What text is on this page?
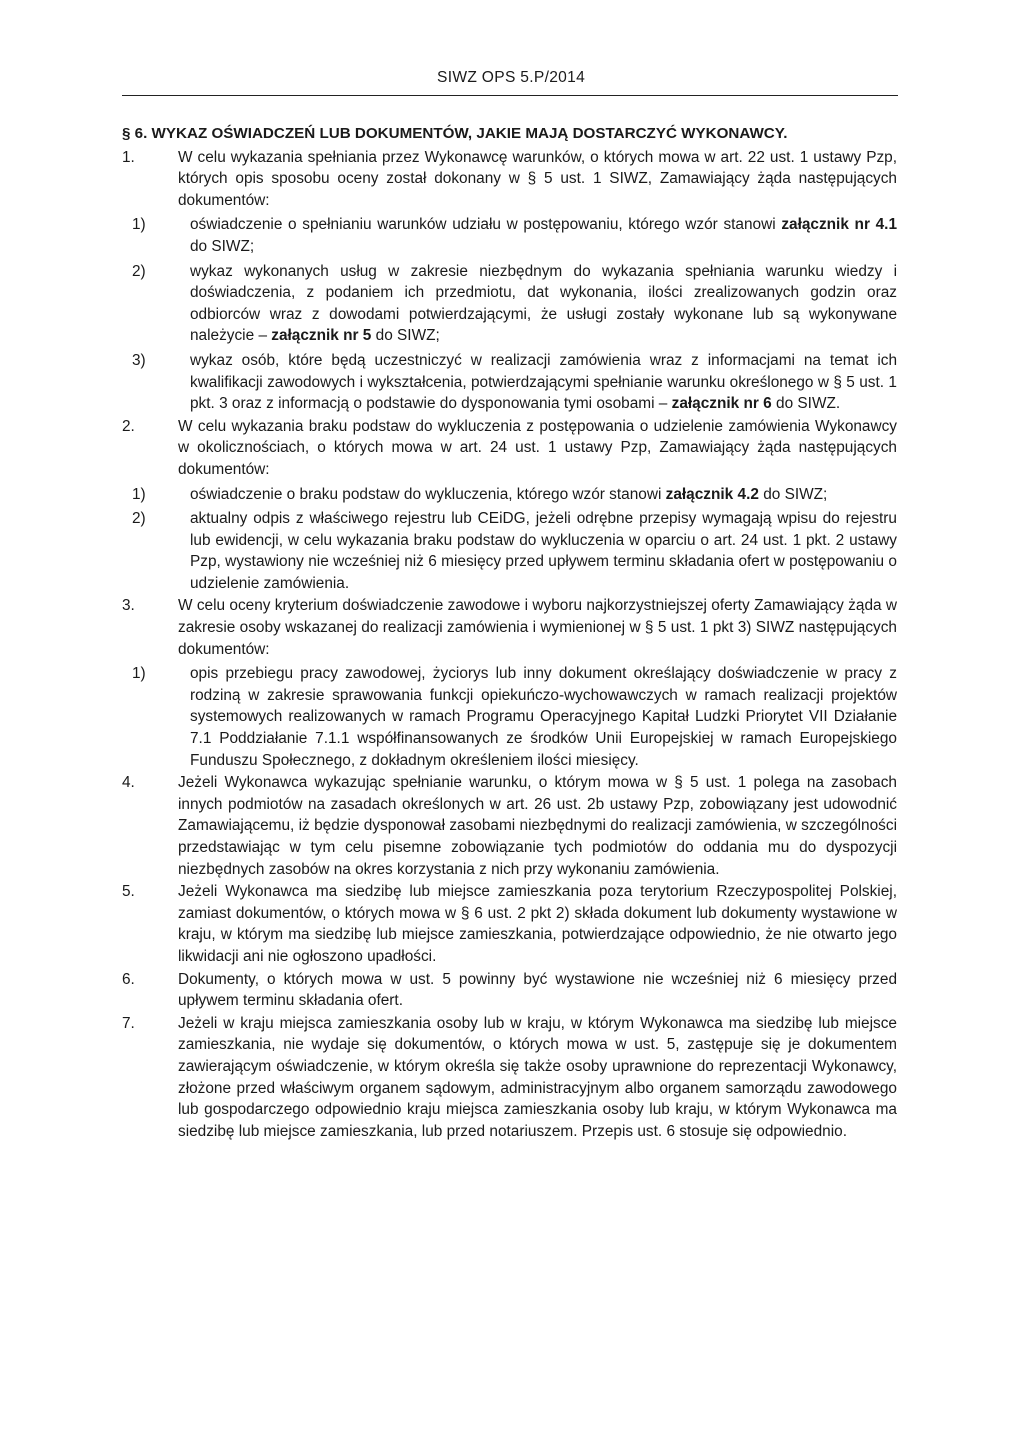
SIWZ OPS 5.P/2014
§ 6. WYKAZ OŚWIADCZEŃ LUB DOKUMENTÓW, JAKIE MAJĄ DOSTARCZYĆ WYKONAWCY.
1.	W celu wykazania spełniania przez Wykonawcę warunków, o których mowa w art. 22 ust. 1 ustawy Pzp, których opis sposobu oceny został dokonany w § 5 ust. 1 SIWZ, Zamawiający żąda następujących dokumentów:
1)	oświadczenie o spełnianiu warunków udziału w postępowaniu, którego wzór stanowi załącznik nr 4.1 do SIWZ;
2)	wykaz wykonanych usług w zakresie niezbędnym do wykazania spełniania warunku wiedzy i doświadczenia, z podaniem ich przedmiotu, dat wykonania, ilości zrealizowanych godzin oraz odbiorców wraz z dowodami potwierdzającymi, że usługi zostały wykonane lub są wykonywane należycie – załącznik nr 5 do SIWZ;
3)	wykaz osób, które będą uczestniczyć w realizacji zamówienia wraz z informacjami na temat ich kwalifikacji zawodowych i wykształcenia, potwierdzającymi spełnianie warunku określonego w § 5 ust. 1 pkt. 3 oraz z informacją o podstawie do dysponowania tymi osobami – załącznik nr 6 do SIWZ.
2.	W celu wykazania braku podstaw do wykluczenia z postępowania o udzielenie zamówienia Wykonawcy w okolicznościach, o których mowa w art. 24 ust. 1 ustawy Pzp, Zamawiający żąda następujących dokumentów:
1)	oświadczenie o braku podstaw do wykluczenia, którego wzór stanowi załącznik 4.2 do SIWZ;
2)	aktualny odpis z właściwego rejestru lub CEiDG, jeżeli odrębne przepisy wymagają wpisu do rejestru lub ewidencji, w celu wykazania braku podstaw do wykluczenia w oparciu o art. 24 ust. 1 pkt. 2 ustawy Pzp, wystawiony nie wcześniej niż 6 miesięcy przed upływem terminu składania ofert w postępowaniu o udzielenie zamówienia.
3.	W celu oceny kryterium doświadczenie zawodowe i wyboru najkorzystniejszej oferty Zamawiający żąda w zakresie osoby wskazanej do realizacji zamówienia i wymienionej w § 5 ust. 1 pkt 3) SIWZ następujących dokumentów:
1)	opis przebiegu pracy zawodowej, życiorys lub inny dokument określający doświadczenie w pracy z rodziną w zakresie sprawowania funkcji opiekuńczo-wychowawczych w ramach realizacji projektów systemowych realizowanych w ramach Programu Operacyjnego Kapitał Ludzki Priorytet VII Działanie 7.1 Poddziałanie 7.1.1 współfinansowanych ze środków Unii Europejskiej w ramach Europejskiego Funduszu Społecznego, z dokładnym określeniem ilości miesięcy.
4.	Jeżeli Wykonawca wykazując spełnianie warunku, o którym mowa w § 5 ust. 1 polega na zasobach innych podmiotów na zasadach określonych w art. 26 ust. 2b ustawy Pzp, zobowiązany jest udowodnić Zamawiającemu, iż będzie dysponował zasobami niezbędnymi do realizacji zamówienia, w szczególności przedstawiając w tym celu pisemne zobowiązanie tych podmiotów do oddania mu do dyspozycji niezbędnych zasobów na okres korzystania z nich przy wykonaniu zamówienia.
5.	Jeżeli Wykonawca ma siedzibę lub miejsce zamieszkania poza terytorium Rzeczypospolitej Polskiej, zamiast dokumentów, o których mowa w § 6 ust. 2 pkt 2) składa dokument lub dokumenty wystawione w kraju, w którym ma siedzibę lub miejsce zamieszkania, potwierdzające odpowiednio, że nie otwarto jego likwidacji ani nie ogłoszono upadłości.
6.	Dokumenty, o których mowa w ust. 5 powinny być wystawione nie wcześniej niż 6 miesięcy przed upływem terminu składania ofert.
7.	Jeżeli w kraju miejsca zamieszkania osoby lub w kraju, w którym Wykonawca ma siedzibę lub miejsce zamieszkania, nie wydaje się dokumentów, o których mowa w ust. 5, zastępuje się je dokumentem zawierającym oświadczenie, w którym określa się także osoby uprawnione do reprezentacji Wykonawcy, złożone przed właściwym organem sądowym, administracyjnym albo organem samorządu zawodowego lub gospodarczego odpowiednio kraju miejsca zamieszkania osoby lub kraju, w którym Wykonawca ma siedzibę lub miejsce zamieszkania, lub przed notariuszem. Przepis ust. 6 stosuje się odpowiednio.
